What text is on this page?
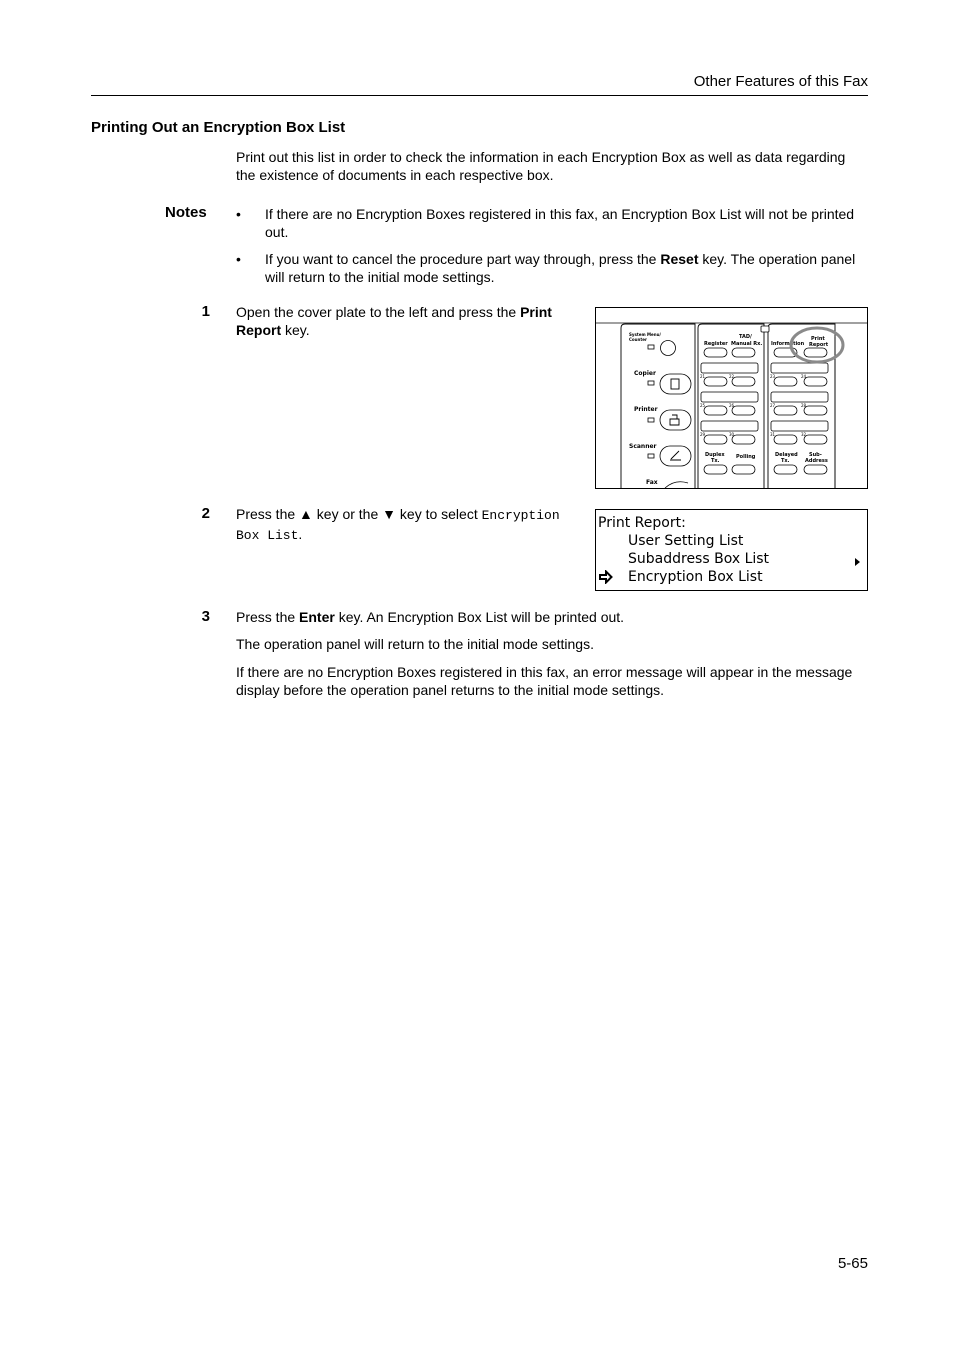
Other Features of this Fax
Printing Out an Encryption Box List
Print out this list in order to check the information in each Encryption Box as well as data regarding the existence of documents in each respective box.
Notes • If there are no Encryption Boxes registered in this fax, an Encryption Box List will not be printed out.
• If you want to cancel the procedure part way through, press the Reset key. The operation panel will return to the initial mode settings.
1 Open the cover plate to the left and press the Print Report key.	System Menu/
Counter
Copier
Printer
Scanner
Fax
TAD/
Register Manual Rx. Information
Print
Report
Duplex
Tx.
Polling	Delayed
Tx.
Sub-
Address
21	22	23	24
25	26	27	28
29	30	31	32
2 Press the ▲ key or the ▼ key to select Encryption Box List.
Print Report:
User Setting List
Subaddress Box List
Encryption Box List
3 Press the Enter key. An Encryption Box List will be printed out.
The operation panel will return to the initial mode settings.
If there are no Encryption Boxes registered in this fax, an error message will appear in the message display before the operation panel returns to the initial mode settings.
5-65
